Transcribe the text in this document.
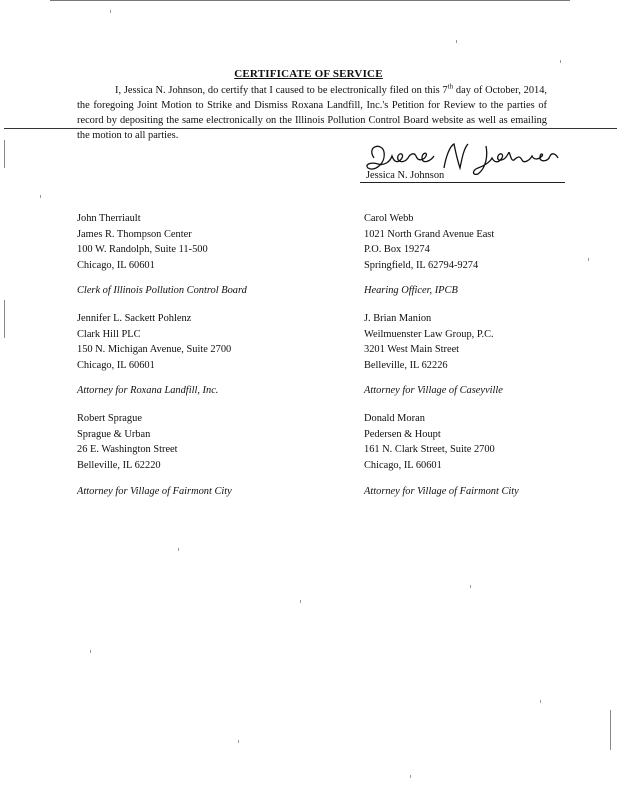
CERTIFICATE OF SERVICE
I, Jessica N. Johnson, do certify that I caused to be electronically filed on this 7th day of October, 2014, the foregoing Joint Motion to Strike and Dismiss Roxana Landfill, Inc.'s Petition for Review to the parties of record by depositing the same electronically on the Illinois Pollution Control Board website as well as emailing the motion to all parties.
Jessica N. Johnson
John Therriault
James R. Thompson Center
100 W. Randolph, Suite 11-500
Chicago, IL 60601
Clerk of Illinois Pollution Control Board
Carol Webb
1021 North Grand Avenue East
P.O. Box 19274
Springfield, IL 62794-9274
Hearing Officer, IPCB
Jennifer L. Sackett Pohlenz
Clark Hill PLC
150 N. Michigan Avenue, Suite 2700
Chicago, IL 60601
Attorney for Roxana Landfill, Inc.
J. Brian Manion
Weilmuenster Law Group, P.C.
3201 West Main Street
Belleville, IL 62226
Attorney for Village of Caseyville
Robert Sprague
Sprague & Urban
26 E. Washington Street
Belleville, IL 62220
Attorney for Village of Fairmont City
Donald Moran
Pedersen & Houpt
161 N. Clark Street, Suite 2700
Chicago, IL 60601
Attorney for Village of Fairmont City
